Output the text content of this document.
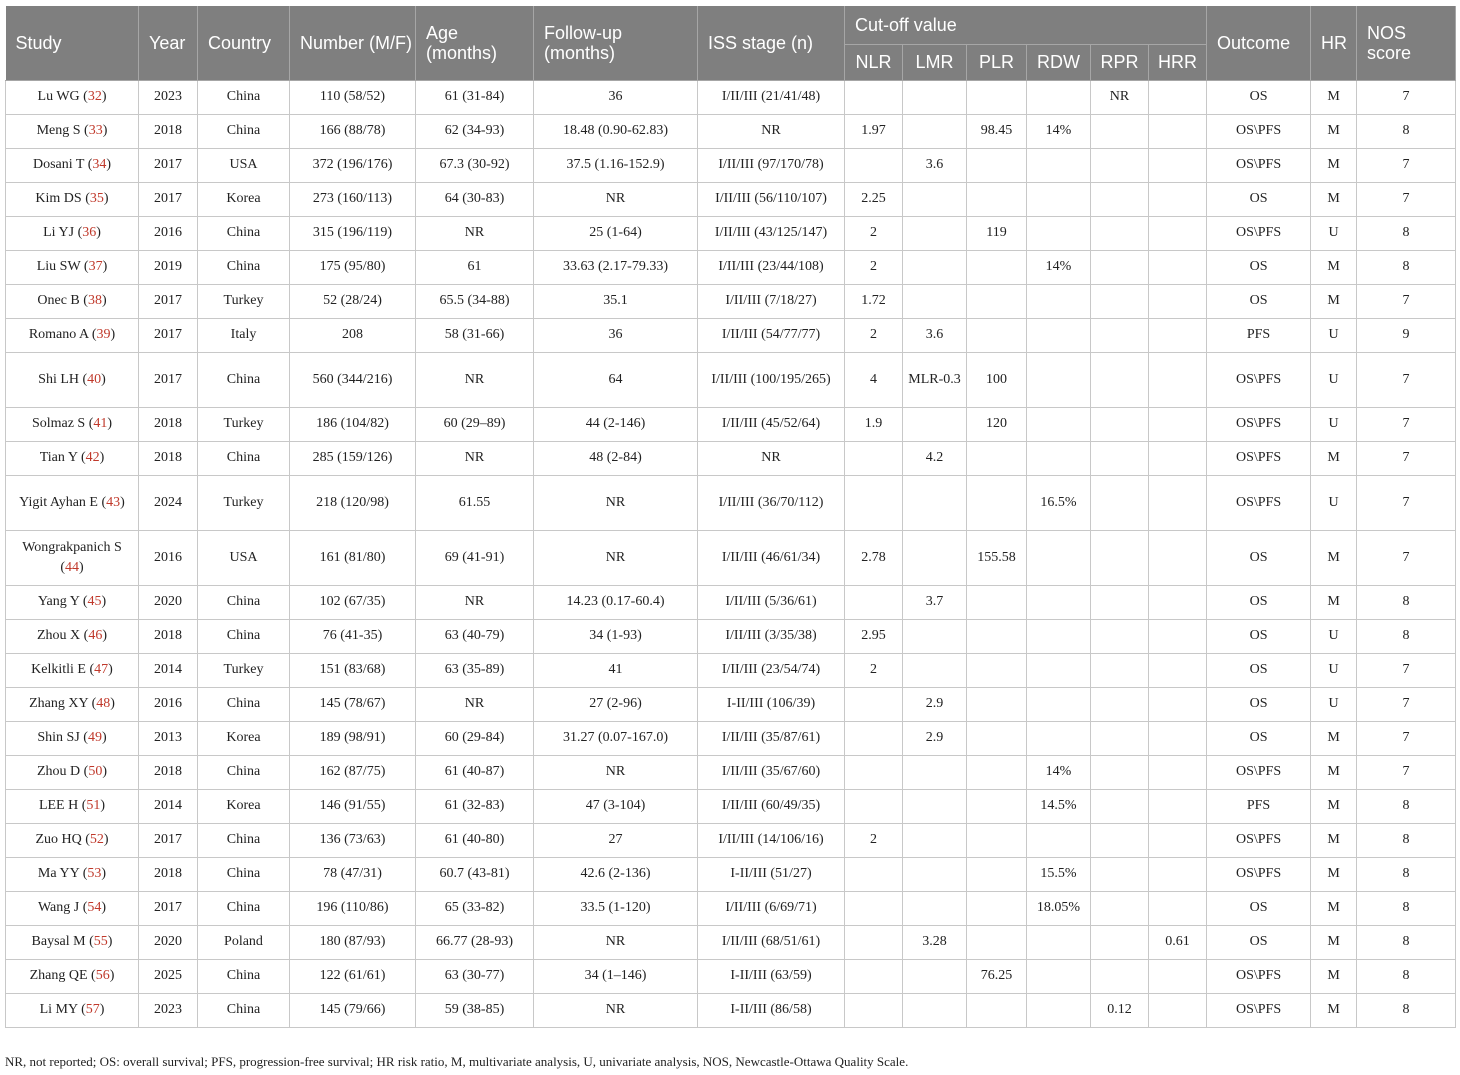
Study	Year	Country	Number (M/F)	Age (months)	Follow-up (months)	ISS stage (n)	Cut-off value						Outcome	HR	NOS score
							NLR	LMR	PLR	RDW	RPR	HRR			
Lu WG (32)	2023	China	110 (58/52)	61 (31-84)	36	I/II/III (21/41/48)					NR		OS	M	7
Meng S (33)	2018	China	166 (88/78)	62 (34-93)	18.48 (0.90-62.83)	NR	1.97		98.45	14%			OS\PFS	M	8
Dosani T (34)	2017	USA	372 (196/176)	67.3 (30-92)	37.5 (1.16-152.9)	I/II/III (97/170/78)		3.6					OS\PFS	M	7
Kim DS (35)	2017	Korea	273 (160/113)	64 (30-83)	NR	I/II/III (56/110/107)	2.25						OS	M	7
Li YJ (36)	2016	China	315 (196/119)	NR	25 (1-64)	I/II/III (43/125/147)	2		119				OS\PFS	U	8
Liu SW (37)	2019	China	175 (95/80)	61	33.63 (2.17-79.33)	I/II/III (23/44/108)	2			14%			OS	M	8
Onec B (38)	2017	Turkey	52 (28/24)	65.5 (34-88)	35.1	I/II/III (7/18/27)	1.72						OS	M	7
Romano A (39)	2017	Italy	208	58 (31-66)	36	I/II/III (54/77/77)	2	3.6					PFS	U	9
Shi LH (40)	2017	China	560 (344/216)	NR	64	I/II/III (100/195/265)	4	MLR-0.3	100				OS\PFS	U	7
Solmaz S (41)	2018	Turkey	186 (104/82)	60 (29–89)	44 (2-146)	I/II/III (45/52/64)	1.9		120				OS\PFS	U	7
Tian Y (42)	2018	China	285 (159/126)	NR	48 (2-84)	NR		4.2					OS\PFS	M	7
Yigit Ayhan E (43)	2024	Turkey	218 (120/98)	61.55	NR	I/II/III (36/70/112)				16.5%			OS\PFS	U	7
Wongrakpanich S (44)	2016	USA	161 (81/80)	69 (41-91)	NR	I/II/III (46/61/34)	2.78		155.58				OS	M	7
Yang Y (45)	2020	China	102 (67/35)	NR	14.23 (0.17-60.4)	I/II/III (5/36/61)		3.7					OS	M	8
Zhou X (46)	2018	China	76 (41-35)	63 (40-79)	34 (1-93)	I/II/III (3/35/38)	2.95						OS	U	8
Kelkitli E (47)	2014	Turkey	151 (83/68)	63 (35-89)	41	I/II/III (23/54/74)	2						OS	U	7
Zhang XY (48)	2016	China	145 (78/67)	NR	27 (2-96)	I-II/III (106/39)		2.9					OS	U	7
Shin SJ (49)	2013	Korea	189 (98/91)	60 (29-84)	31.27 (0.07-167.0)	I/II/III (35/87/61)		2.9					OS	M	7
Zhou D (50)	2018	China	162 (87/75)	61 (40-87)	NR	I/II/III (35/67/60)				14%			OS\PFS	M	7
LEE H (51)	2014	Korea	146 (91/55)	61 (32-83)	47 (3-104)	I/II/III (60/49/35)				14.5%			PFS	M	8
Zuo HQ (52)	2017	China	136 (73/63)	61 (40-80)	27	I/II/III (14/106/16)	2						OS\PFS	M	8
Ma YY (53)	2018	China	78 (47/31)	60.7 (43-81)	42.6 (2-136)	I-II/III (51/27)				15.5%			OS\PFS	M	8
Wang J (54)	2017	China	196 (110/86)	65 (33-82)	33.5 (1-120)	I/II/III (6/69/71)				18.05%			OS	M	8
Baysal M (55)	2020	Poland	180 (87/93)	66.77 (28-93)	NR	I/II/III (68/51/61)		3.28				0.61	OS	M	8
Zhang QE (56)	2025	China	122 (61/61)	63 (30-77)	34 (1–146)	I-II/III (63/59)			76.25				OS\PFS	M	8
Li MY (57)	2023	China	145 (79/66)	59 (38-85)	NR	I-II/III (86/58)					0.12		OS\PFS	M	8
NR, not reported; OS: overall survival; PFS, progression-free survival; HR risk ratio, M, multivariate analysis, U, univariate analysis, NOS, Newcastle-Ottawa Quality Scale.
